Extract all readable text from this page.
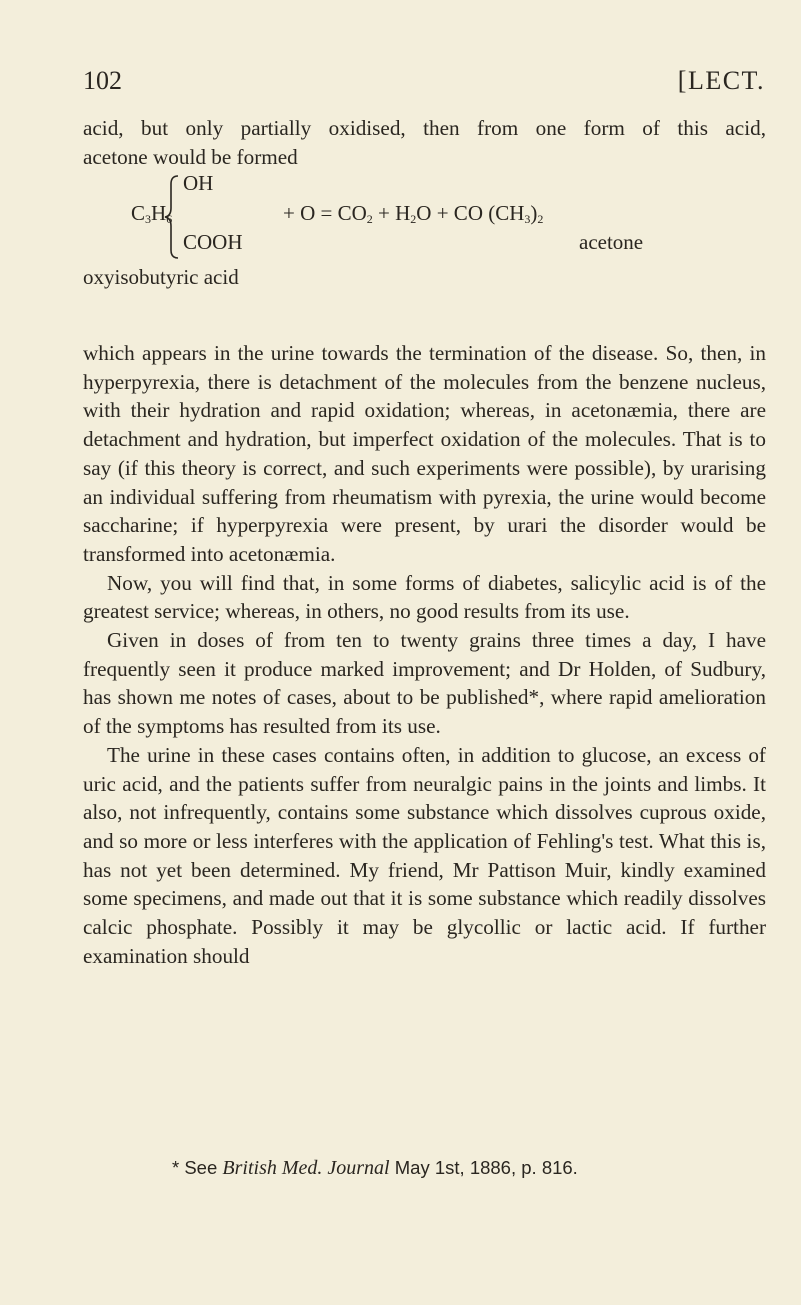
102	[LECT.

acid, but only partially oxidised, then from one form of this acid,

acetone would be formed

OH
$C_3H_6$	+ $O = CO_2 + H_2O$ + CO $(CH_3)_2$
COOH	acetone
oxyisobutyric acid

which appears in the urine towards the termination of the disease. So, then, in hyperpyrexia, there is detachment of the molecules from the benzene nucleus, with their hydration and rapid oxidation; whereas, in acetonæmia, there are detachment and hydration, but imperfect oxidation of the molecules. That is to say (if this theory is correct, and such experiments were possible), by urarising an individual suffering from rheumatism with pyrexia, the urine would become saccharine; if hyperpyrexia were present, by urari the disorder would be transformed into acetonæmia.

Now, you will find that, in some forms of diabetes, salicylic acid is of the greatest service; whereas, in others, no good results from its use.

Given in doses of from ten to twenty grains three times a day, I have frequently seen it produce marked improvement; and Dr Holden, of Sudbury, has shown me notes of cases, about to be published*, where rapid amelioration of the symptoms has resulted from its use.

The urine in these cases contains often, in addition to glucose, an excess of uric acid, and the patients suffer from neuralgic pains in the joints and limbs. It also, not infrequently, contains some substance which dissolves cuprous oxide, and so more or less interferes with the application of Fehling's test. What this is, has not yet been determined. My friend, Mr Pattison Muir, kindly examined some specimens, and made out that it is some substance which readily dissolves calcic phosphate. Possibly it may be glycollic or lactic acid. If further examination should

* See British Med. Journal May 1st, 1886, p. 816.
